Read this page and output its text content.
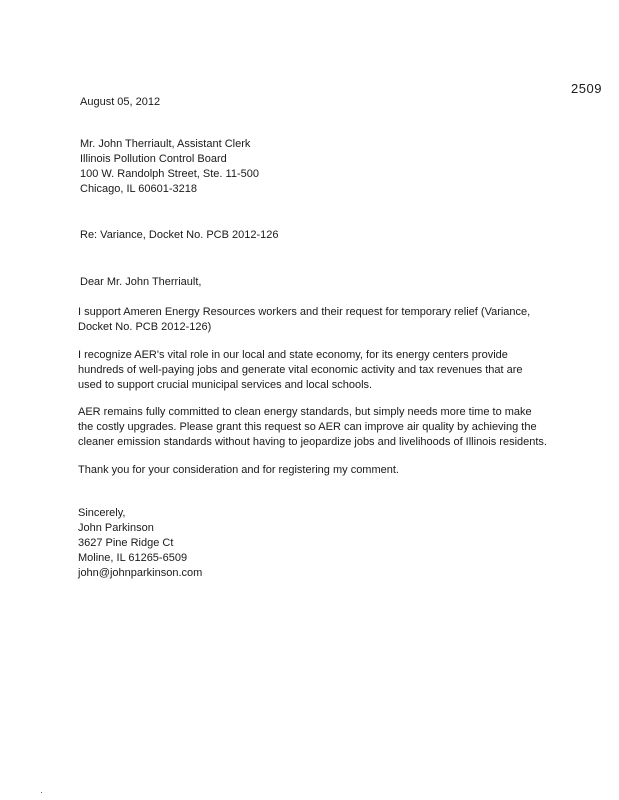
2509
August 05, 2012
Mr. John Therriault, Assistant Clerk
Illinois Pollution Control Board
100 W. Randolph Street, Ste. 11-500
Chicago, IL 60601-3218
Re: Variance, Docket No. PCB 2012-126
Dear Mr. John Therriault,
I support Ameren Energy Resources workers and their request for temporary relief (Variance,
Docket No. PCB 2012-126)
I recognize AER's vital role in our local and state economy, for its energy centers provide
hundreds of well-paying jobs and generate vital economic activity and tax revenues that are
used to support crucial municipal services and local schools.
AER remains fully committed to clean energy standards, but simply needs more time to make
the costly upgrades. Please grant this request so AER can improve air quality by achieving the
cleaner emission standards without having to jeopardize jobs and livelihoods of Illinois residents.
Thank you for your consideration and for registering my comment.
Sincerely,
John Parkinson
3627 Pine Ridge Ct
Moline, IL 61265-6509
john@johnparkinson.com
